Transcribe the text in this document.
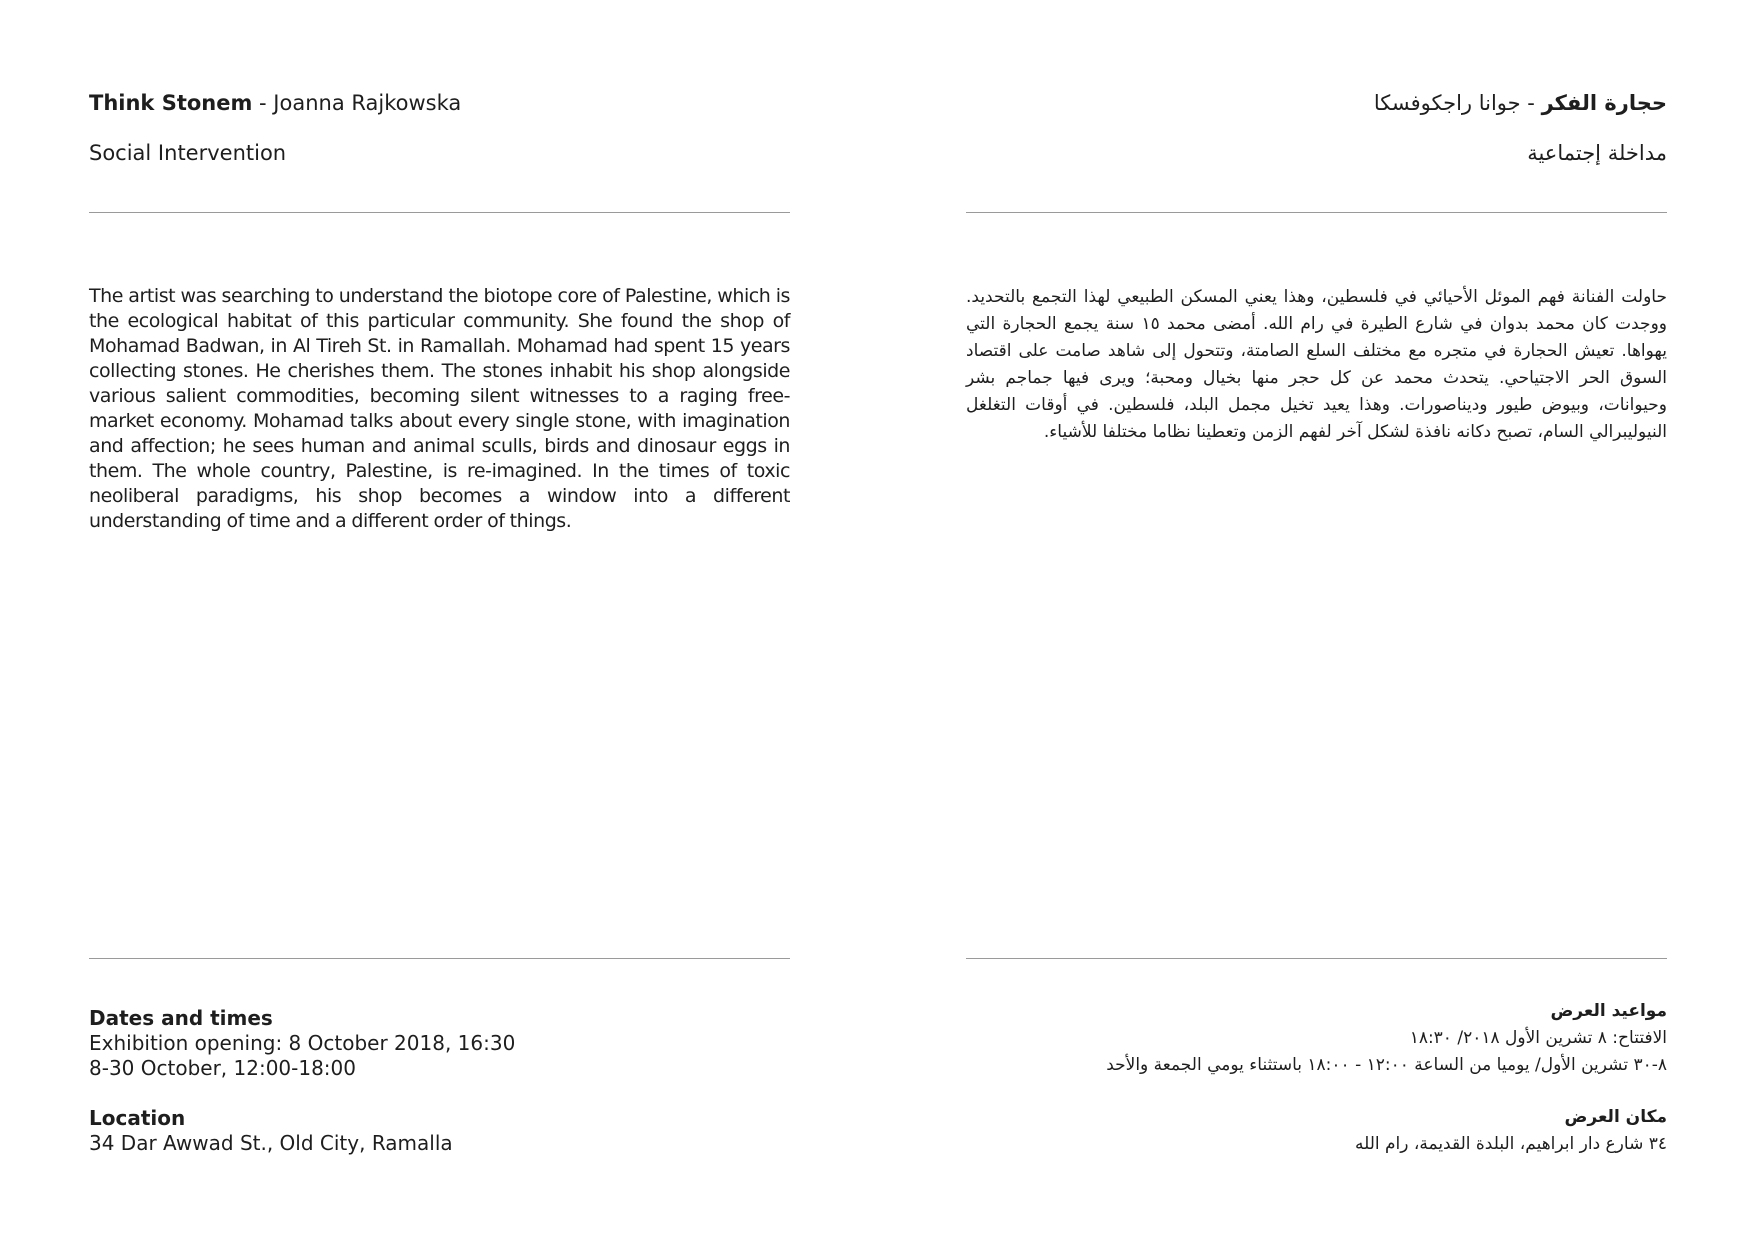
Think Stonem - Joanna Rajkowska
Social Intervention

The artist was searching to understand the biotope core of Palestine, which is the ecological habitat of this particular community. She found the shop of Mohamad Badwan, in Al Tireh St. in Ramallah. Mohamad had spent 15 years collecting stones. He cherishes them. The stones inhabit his shop alongside various salient commodities, becoming silent witnesses to a raging free-market economy. Mohamad talks about every single stone, with imagination and affection; he sees human and animal sculls, birds and dinosaur eggs in them. The whole country, Palestine, is re-imagined. In the times of toxic neoliberal paradigms, his shop becomes a window into a different understanding of time and a different order of things.

Dates and times

Exhibition opening: 8 October 2018, 16:30

8-30 October, 12:00-18:00

Location

34 Dar Awwad St., Old City, Ramalla

حجارة الفكر - جوانا راجكوفسكا
مداخلة إجتماعية

حاولت الفنانة فهم الموئل الأحيائي في فلسطين، وهذا يعني المسكن الطبيعي لهذا التجمع بالتحديد. ووجدت كان محمد بدوان في شارع الطيرة في رام الله. أمضى محمد ١٥ سنة يجمع الحجارة التي يهواها. تعيش الحجارة في متجره مع مختلف السلع الصامتة، وتتحول إلى شاهد صامت على اقتصاد السوق الحر الاجتياحي. يتحدث محمد عن كل حجر منها بخيال ومحبة؛ ويرى فيها جماجم بشر وحيوانات، وبيوض طيور وديناصورات. وهذا يعيد تخيل مجمل البلد، فلسطين. في أوقات التغلغل النيوليبرالي السام، تصبح دكانه نافذة لشكل آخر لفهم الزمن وتعطينا نظاما مختلفا للأشياء.

مواعيد العرض

الافتتاح: ٨ تشرين الأول ٢٠١٨/ ١٨:٣٠

٨-٣٠ تشرين الأول/ يوميا من الساعة ١٢:٠٠ - ١٨:٠٠ باستثناء يومي الجمعة والأحد

مكان العرض

٣٤ شارع دار ابراهيم، البلدة القديمة، رام الله
